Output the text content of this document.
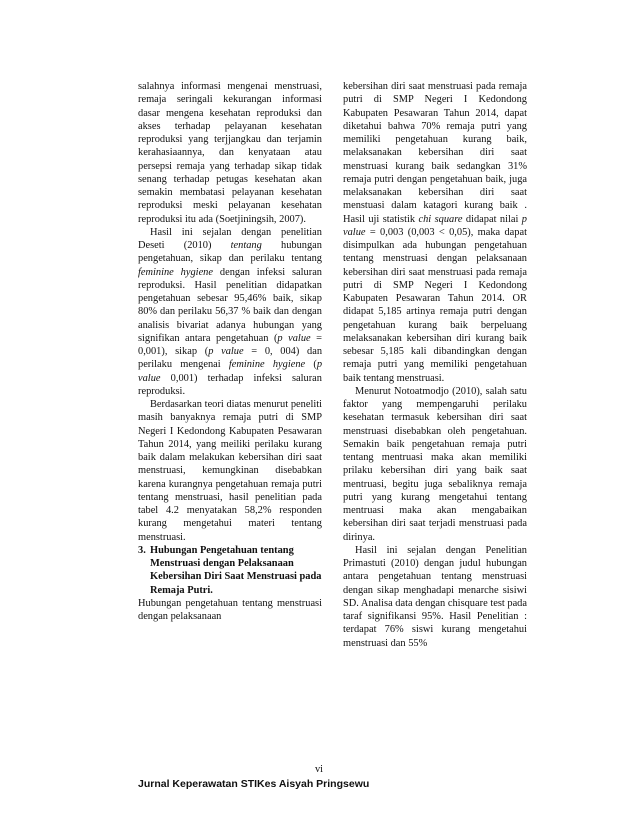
salahnya informasi mengenai menstruasi, remaja seringali kekurangan informasi dasar mengena kesehatan reproduksi dan akses terhadap pelayanan kesehatan reproduksi yang terjjangkau dan terjamin kerahasiaannya, dan kenyataan atau persepsi remaja yang terhadap sikap tidak senang terhadap petugas kesehatan akan semakin membatasi pelayanan kesehatan reproduksi meski pelayanan kesehatan reproduksi itu ada (Soetjiningsih, 2007).

Hasil ini sejalan dengan penelitian Deseti (2010) tentang hubungan pengetahuan, sikap dan perilaku tentang feminine hygiene dengan infeksi saluran reproduksi. Hasil penelitian didapatkan pengetahuan sebesar 95,46% baik, sikap 80% dan perilaku 56,37 % baik dan dengan analisis bivariat adanya hubungan yang signifikan antara pengetahuan (p value = 0,001), sikap (p value = 0, 004) dan perilaku mengenai feminine hygiene (p value 0,001) terhadap infeksi saluran reproduksi.

Berdasarkan teori diatas menurut peneliti masih banyaknya remaja putri di SMP Negeri I Kedondong Kabupaten Pesawaran Tahun 2014, yang meiliki perilaku kurang baik dalam melakukan kebersihan diri saat menstruasi, kemungkinan disebabkan karena kurangnya pengetahuan remaja putri tentang menstruasi, hasil penelitian pada tabel 4.2 menyatakan 58,2% responden kurang mengetahui materi tentang menstruasi.

3. Hubungan Pengetahuan tentang Menstruasi dengan Pelaksanaan Kebersihan Diri Saat Menstruasi pada Remaja Putri.

Hubungan pengetahuan tentang menstruasi dengan pelaksanaan

kebersihan diri saat menstruasi pada remaja putri di SMP Negeri I Kedondong Kabupaten Pesawaran Tahun 2014, dapat diketahui bahwa 70% remaja putri yang memiliki pengetahuan kurang baik, melaksanakan kebersihan diri saat menstruasi kurang baik sedangkan 31% remaja putri dengan pengetahuan baik, juga melaksanakan kebersihan diri saat menstuasi dalam katagori kurang baik . Hasil uji statistik chi square didapat nilai p value = 0,003 (0,003 < 0,05), maka dapat disimpulkan ada hubungan pengetahuan tentang menstruasi dengan pelaksanaan kebersihan diri saat menstruasi pada remaja putri di SMP Negeri I Kedondong Kabupaten Pesawaran Tahun 2014. OR didapat 5,185 artinya remaja putri dengan pengetahuan kurang baik berpeluang melaksanakan kebersihan diri kurang baik sebesar 5,185 kali dibandingkan dengan remaja putri yang memiliki pengetahuan baik tentang menstruasi.

Menurut Notoatmodjo (2010), salah satu faktor yang mempengaruhi perilaku kesehatan termasuk kebersihan diri saat menstruasi disebabkan oleh pengetahuan. Semakin baik pengetahuan remaja putri tentang mentruasi maka akan memiliki prilaku kebersihan diri yang baik saat mentruasi, begitu juga sebaliknya remaja putri yang kurang mengetahui tentang mentruasi maka akan mengabaikan kebersihan diri saat terjadi menstruasi pada dirinya.

Hasil ini sejalan dengan Penelitian Primastuti (2010) dengan judul hubungan antara pengetahuan tentang menstruasi dengan sikap menghadapi menarche sisiwi SD. Analisa data dengan chisquare test pada taraf signifikansi 95%. Hasil Penelitian : terdapat 76% siswi kurang mengetahui menstruasi dan 55%

vi
Jurnal Keperawatan STIKes Aisyah Pringsewu
